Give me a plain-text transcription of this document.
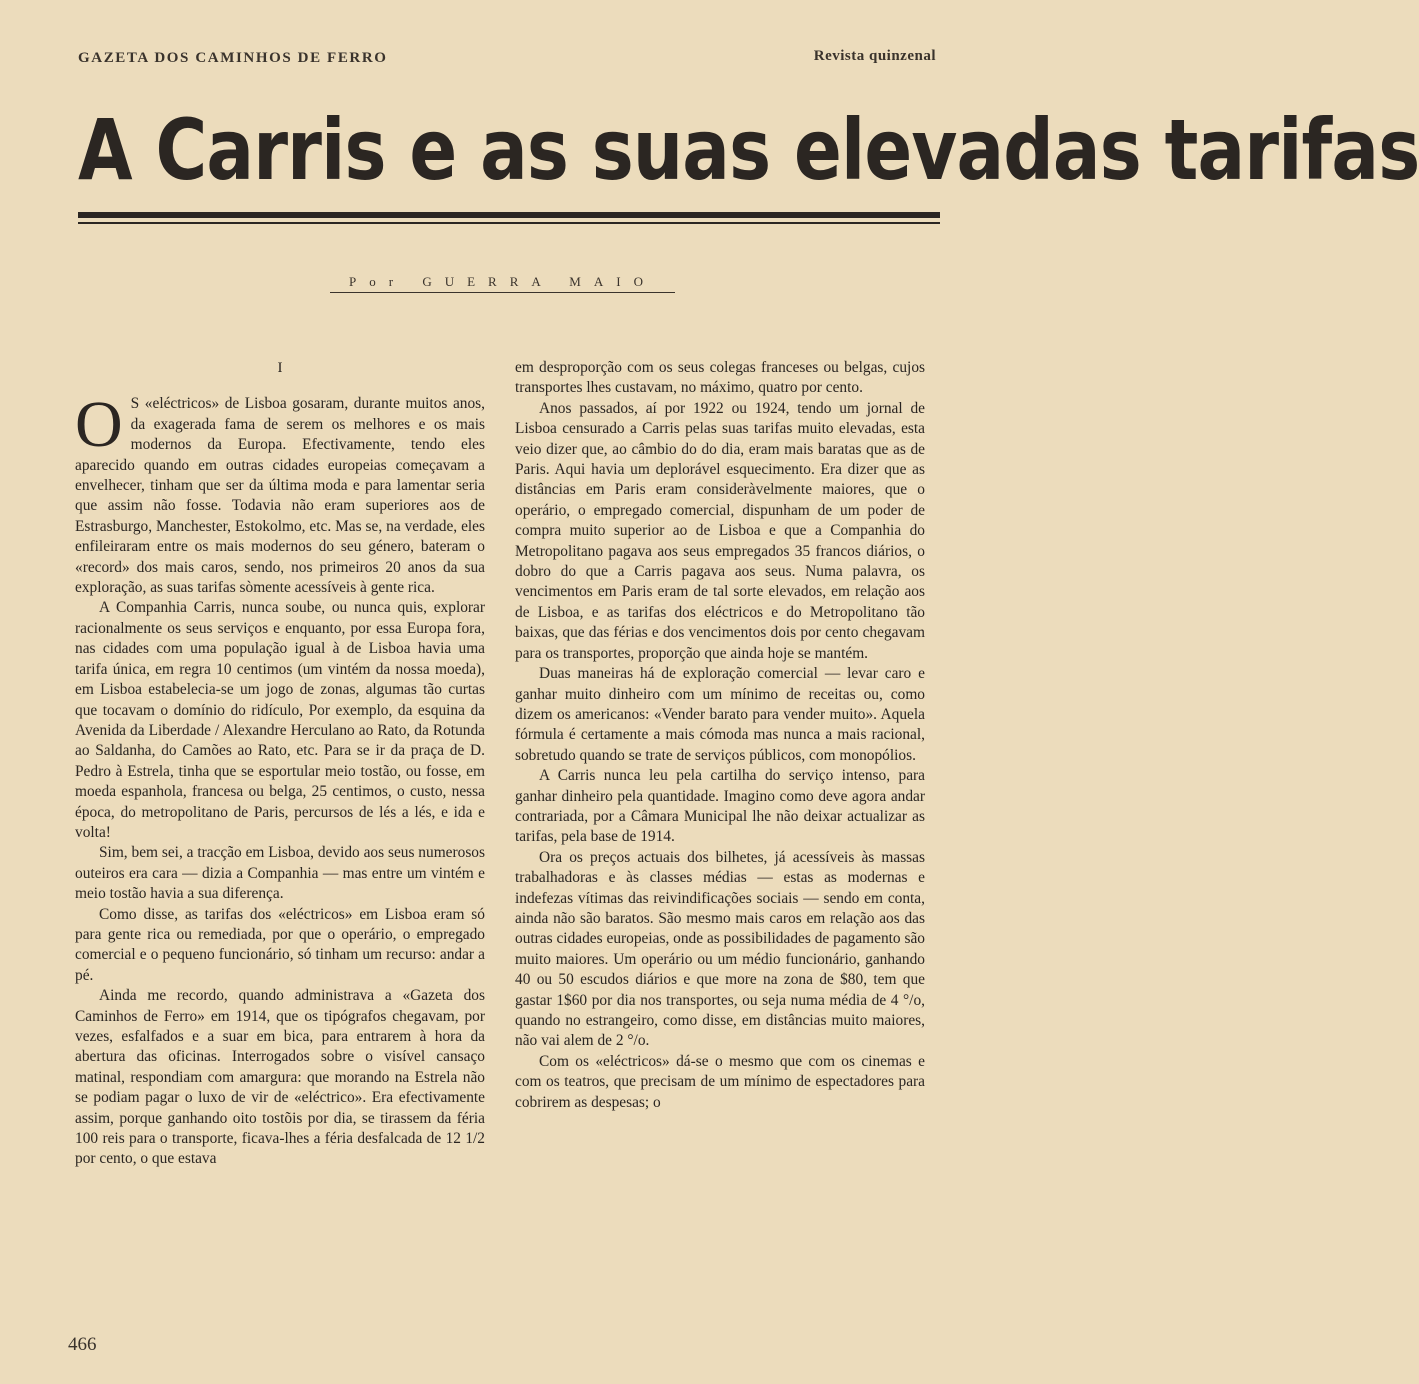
GAZETA DOS CAMINHOS DE FERRO	Revista quinzenal
A Carris e as suas elevadas tarifas
Por GUERRA MAIO
I

O S «eléctricos» de Lisboa gosaram, durante muitos anos, da exagerada fama de serem os melhores e os mais modernos da Europa. Efectivamente, tendo eles aparecido quando em outras cidades europeias começavam a envelhecer, tinham que ser da última moda e para lamentar seria que assim não fosse. Todavia não eram superiores aos de Estrasburgo, Manchester, Estokolmo, etc. Mas se, na verdade, eles enfileiraram entre os mais modernos do seu género, bateram o «record» dos mais caros, sendo, nos primeiros 20 anos da sua exploração, as suas tarifas sòmente acessíveis à gente rica.

A Companhia Carris, nunca soube, ou nunca quis, explorar racionalmente os seus serviços e enquanto, por essa Europa fora, nas cidades com uma população igual à de Lisboa havia uma tarifa única, em regra 10 centimos (um vintém da nossa moeda), em Lisboa estabelecia-se um jogo de zonas, algumas tão curtas que tocavam o domínio do ridículo, Por exemplo, da esquina da Avenida da Liberdade / Alexandre Herculano ao Rato, da Rotunda ao Saldanha, do Camões ao Rato, etc. Para se ir da praça de D. Pedro à Estrela, tinha que se esportular meio tostão, ou fosse, em moeda espanhola, francesa ou belga, 25 centimos, o custo, nessa época, do metropolitano de Paris, percursos de lés a lés, e ida e volta!

Sim, bem sei, a tracção em Lisboa, devido aos seus numerosos outeiros era cara — dizia a Companhia — mas entre um vintém e meio tostão havia a sua diferença.

Como disse, as tarifas dos «eléctricos» em Lisboa eram só para gente rica ou remediada, por que o operário, o empregado comercial e o pequeno funcionário, só tinham um recurso: andar a pé.

Ainda me recordo, quando administrava a «Gazeta dos Caminhos de Ferro» em 1914, que os tipógrafos chegavam, por vezes, esfalfados e a suar em bica, para entrarem à hora da abertura das oficinas. Interrogados sobre o visível cansaço matinal, respondiam com amargura: que morando na Estrela não se podiam pagar o luxo de vir de «eléctrico». Era efectivamente assim, porque ganhando oito tostõis por dia, se tirassem da féria 100 reis para o transporte, ficava-lhes a féria desfalcada de 12 1/2 por cento, o que estava

em desproporção com os seus colegas franceses ou belgas, cujos transportes lhes custavam, no máximo, quatro por cento.

Anos passados, aí por 1922 ou 1924, tendo um jornal de Lisboa censurado a Carris pelas suas tarifas muito elevadas, esta veio dizer que, ao câmbio do do dia, eram mais baratas que as de Paris. Aqui havia um deplorável esquecimento. Era dizer que as distâncias em Paris eram consideràvelmente maiores, que o operário, o empregado comercial, dispunham de um poder de compra muito superior ao de Lisboa e que a Companhia do Metropolitano pagava aos seus empregados 35 francos diários, o dobro do que a Carris pagava aos seus. Numa palavra, os vencimentos em Paris eram de tal sorte elevados, em relação aos de Lisboa, e as tarifas dos eléctricos e do Metropolitano tão baixas, que das férias e dos vencimentos dois por cento chegavam para os transportes, proporção que ainda hoje se mantém.

Duas maneiras há de exploração comercial — levar caro e ganhar muito dinheiro com um mínimo de receitas ou, como dizem os americanos: «Vender barato para vender muito». Aquela fórmula é certamente a mais cómoda mas nunca a mais racional, sobretudo quando se trate de serviços públicos, com monopólios.

A Carris nunca leu pela cartilha do serviço intenso, para ganhar dinheiro pela quantidade. Imagino como deve agora andar contrariada, por a Câmara Municipal lhe não deixar actualizar as tarifas, pela base de 1914.

Ora os preços actuais dos bilhetes, já acessíveis às massas trabalhadoras e às classes médias — estas as modernas e indefezas vítimas das reivindificações sociais — sendo em conta, ainda não são baratos. São mesmo mais caros em relação aos das outras cidades europeias, onde as possibilidades de pagamento são muito maiores. Um operário ou um médio funcionário, ganhando 40 ou 50 escudos diários e que more na zona de $80, tem que gastar 1$60 por dia nos transportes, ou seja numa média de 4 °/o, quando no estrangeiro, como disse, em distâncias muito maiores, não vai alem de 2 °/o.

Com os «eléctricos» dá-se o mesmo que com os cinemas e com os teatros, que precisam de um mínimo de espectadores para cobrirem as despesas; o

466
